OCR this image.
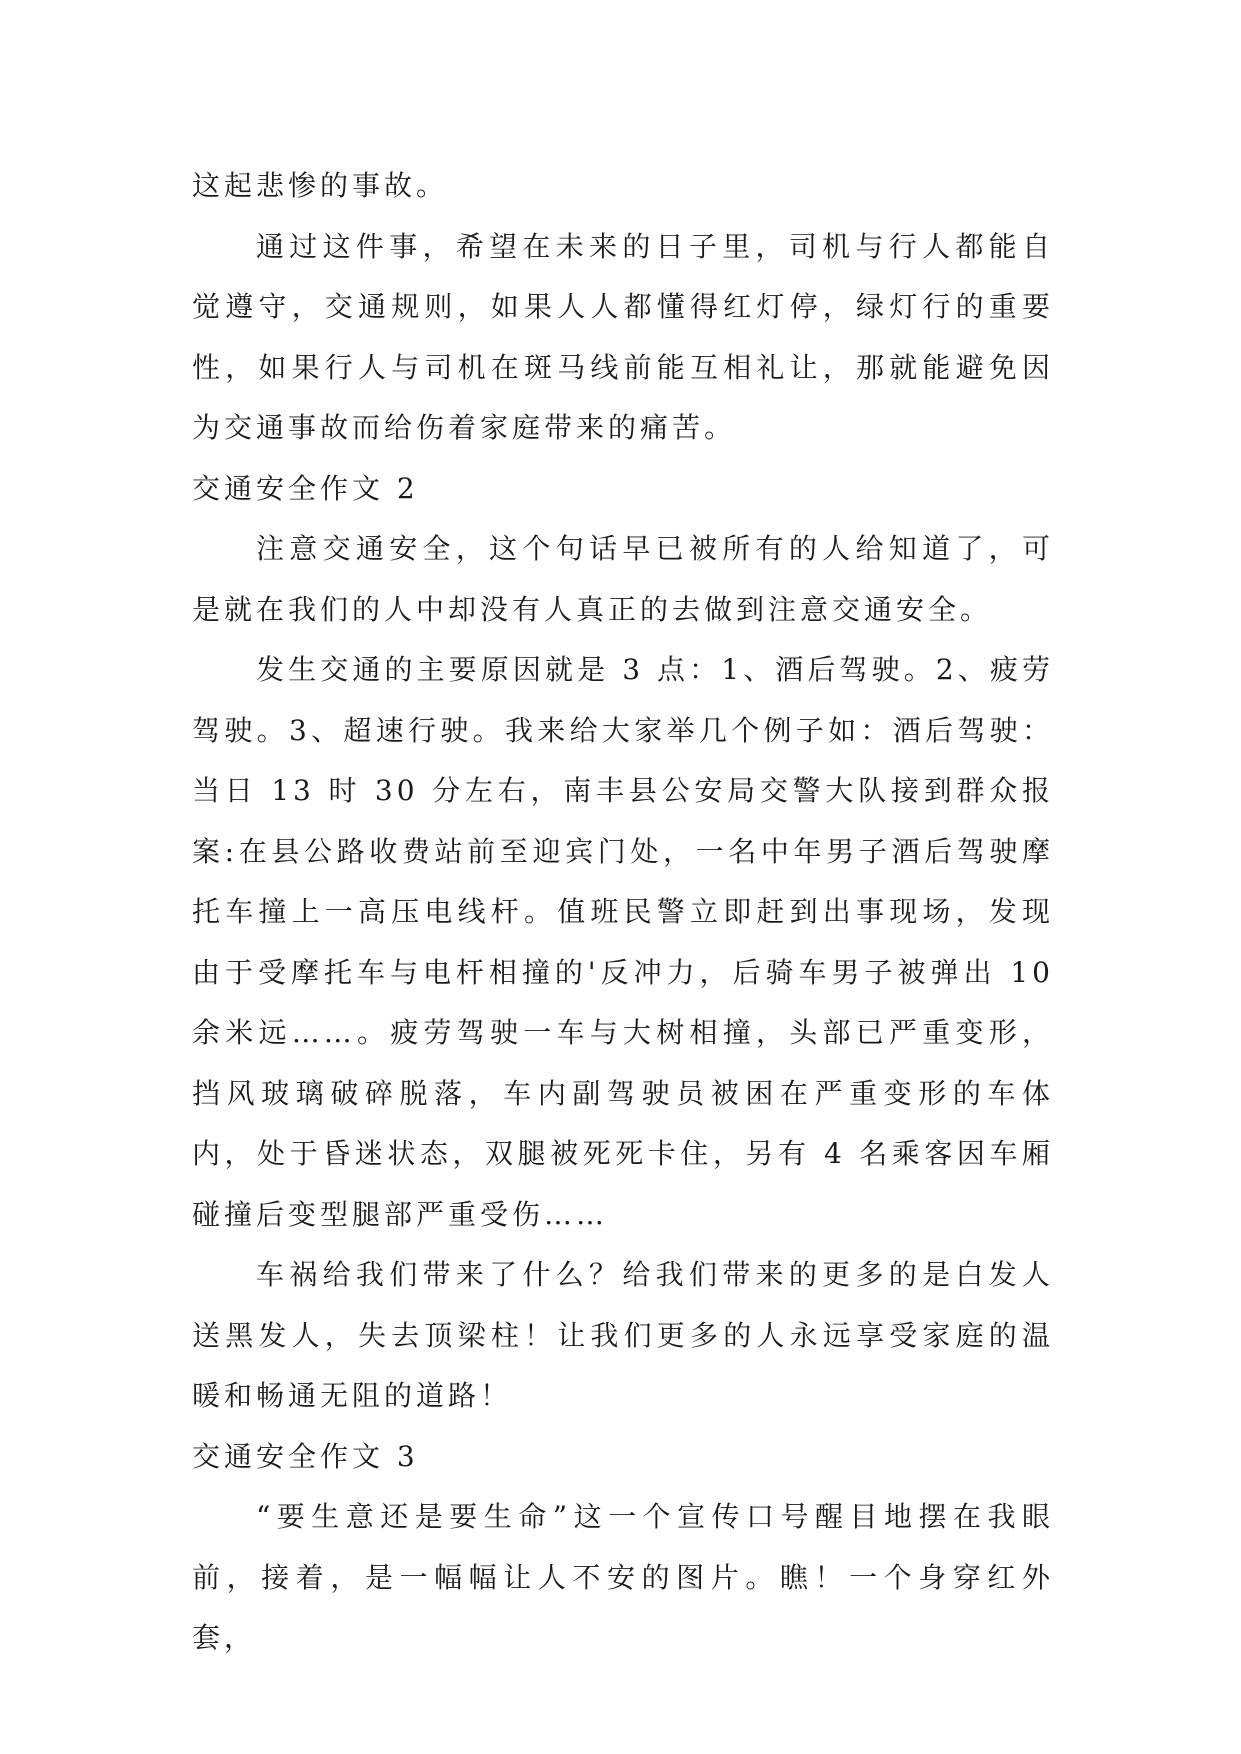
这起悲惨的事故。

通过这件事，希望在未来的日子里，司机与行人都能自觉遵守，交通规则，如果人人都懂得红灯停，绿灯行的重要性，如果行人与司机在斑马线前能互相礼让，那就能避免因为交通事故而给伤着家庭带来的痛苦。

交通安全作文 2

注意交通安全，这个句话早已被所有的人给知道了，可是就在我们的人中却没有人真正的去做到注意交通安全。

发生交通的主要原因就是 3 点：1、酒后驾驶。2、疲劳驾驶。3、超速行驶。我来给大家举几个例子如：酒后驾驶：当日 13 时 30 分左右，南丰县公安局交警大队接到群众报案:在县公路收费站前至迎宾门处，一名中年男子酒后驾驶摩托车撞上一高压电线杆。值班民警立即赶到出事现场，发现由于受摩托车与电杆相撞的'反冲力，后骑车男子被弹出 10 余米远……。疲劳驾驶一车与大树相撞，头部已严重变形，挡风玻璃破碎脱落，车内副驾驶员被困在严重变形的车体内，处于昏迷状态，双腿被死死卡住，另有 4 名乘客因车厢碰撞后变型腿部严重受伤……

车祸给我们带来了什么？给我们带来的更多的是白发人送黑发人，失去顶梁柱！让我们更多的人永远享受家庭的温暖和畅通无阻的道路！

交通安全作文 3

“要生意还是要生命”这一个宣传口号醒目地摆在我眼前，接着，是一幅幅让人不安的图片。瞧！一个身穿红外套，
